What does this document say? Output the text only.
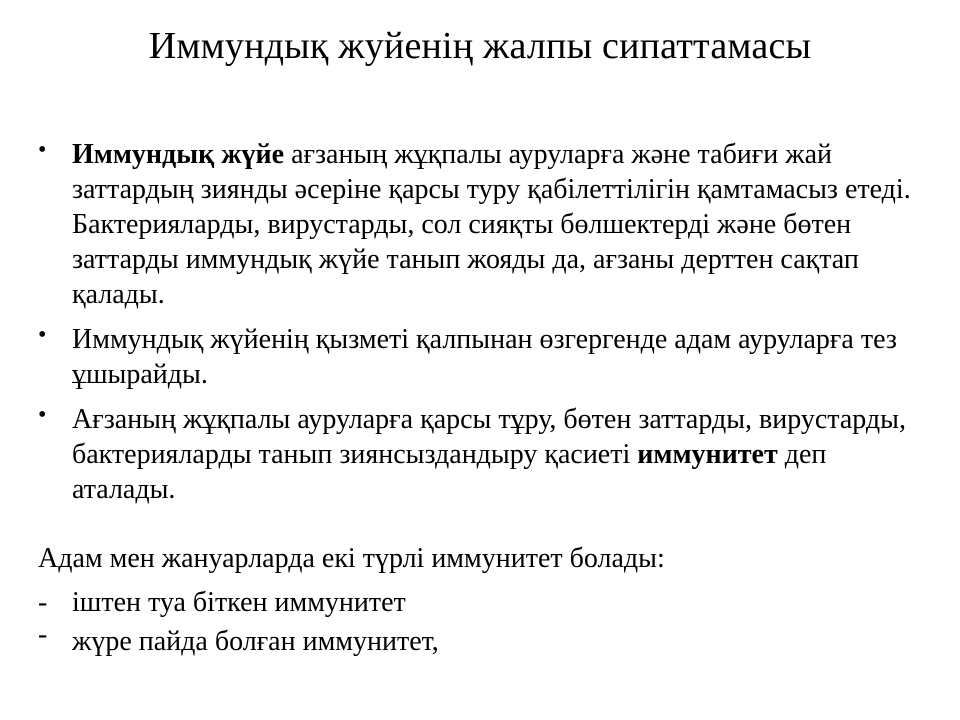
Иммундық жуйенің жалпы сипаттамасы
• Иммундық жүйе ағзаның жұқпалы ауруларға және табиғи жай заттардың зиянды әсеріне қарсы туру қабілеттілігін қамтамасыз етеді. Бактерияларды, вирустарды, сол сияқты бөлшектерді және бөтен заттарды иммундық жүйе танып жояды да, ағзаны дерттен сақтап қалады.
• Иммундық жүйенің қызметі қалпынан өзгергенде адам ауруларға тез ұшырайды.
• Ағзаның жұқпалы ауруларға қарсы тұру, бөтен заттарды, вирустарды, бактерияларды танып зиянсыздандыру қасиеті иммунитет деп аталады.

Адам мен жануарларда екі түрлі иммунитет болады:

- іштен туа біткен иммунитет
- жүре пайда болған иммунитет,
